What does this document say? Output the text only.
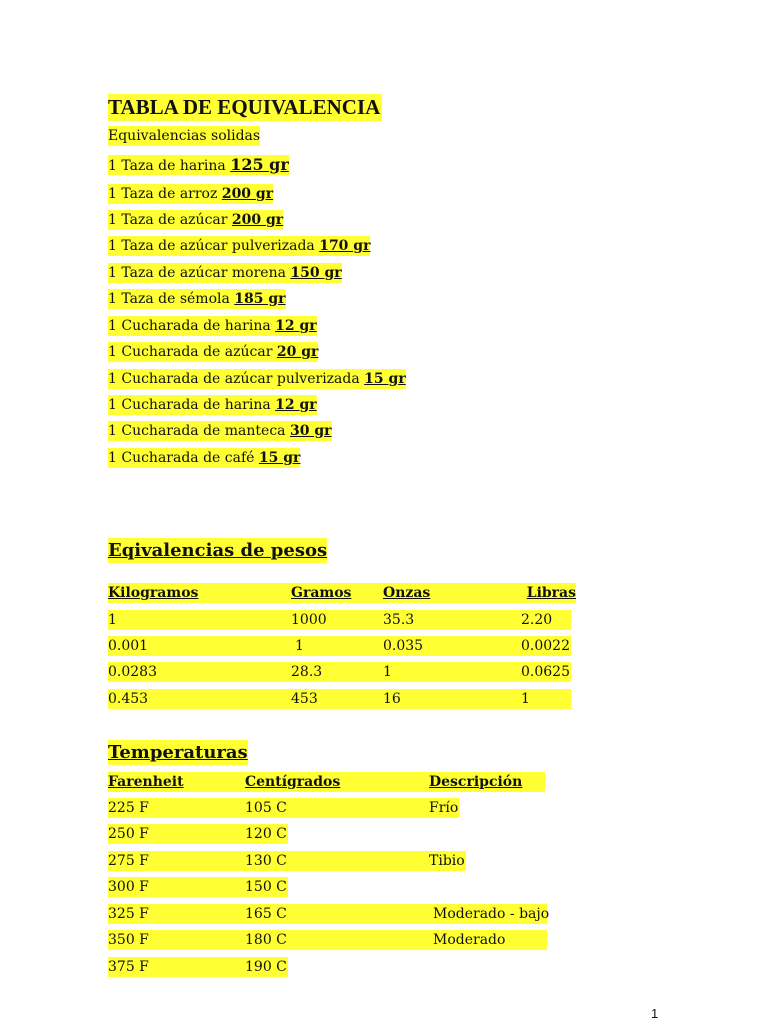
TABLA DE EQUIVALENCIA
Equivalencias solidas
1 Taza de harina 125 gr
1 Taza de arroz 200 gr
1 Taza de azúcar 200 gr
1 Taza de azúcar pulverizada 170 gr
1 Taza de azúcar morena 150 gr
1 Taza de sémola 185 gr
1 Cucharada de harina 12 gr
1 Cucharada de azúcar 20 gr
1 Cucharada de azúcar pulverizada 15 gr
1 Cucharada de harina 12 gr
1 Cucharada de manteca 30 gr
1 Cucharada de café 15 gr
Eqivalencias de pesos
Kilogramos	Gramos	Onzas	Libras
1	1000	35.3	2.20
0.001	1	0.035	0.0022
0.0283	28.3	1	0.0625
0.453	453	16	1
Temperaturas
Farenheit	Centígrados	Descripción
225 F	105 C	Frío
250 F	120 C
275 F	130 C	Tibio
300 F	150 C
325 F	165 C	Moderado - bajo
350 F	180 C	Moderado
375 F	190 C
1
